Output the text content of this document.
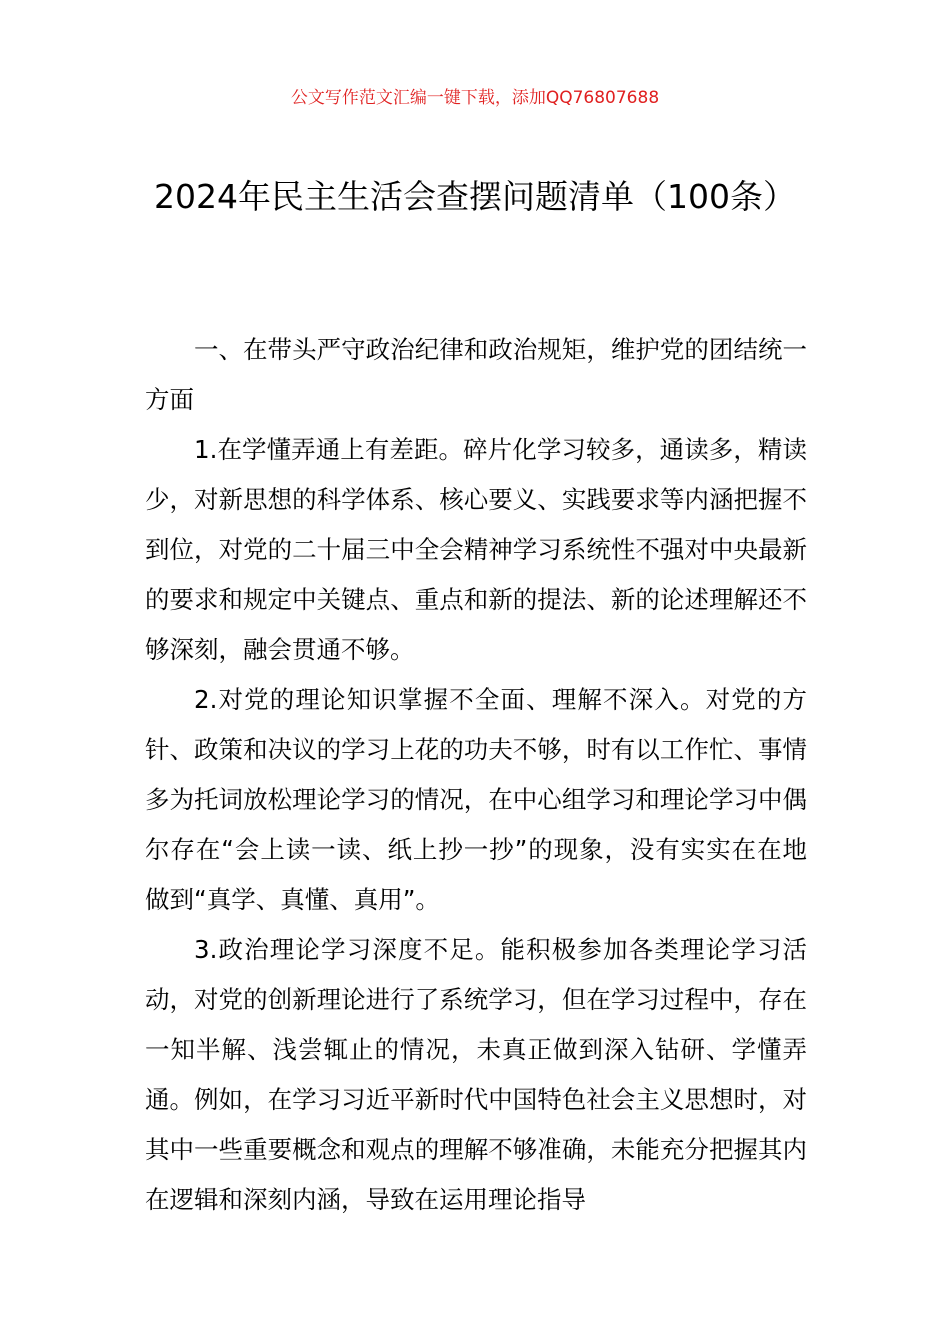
公文写作范文汇编一键下载，添加QQ76807688
2024年民主生活会查摆问题清单（100条）

一、在带头严守政治纪律和政治规矩，维护党的团结统一方面

1.在学懂弄通上有差距。碎片化学习较多，通读多，精读少，对新思想的科学体系、核心要义、实践要求等内涵把握不到位，对党的二十届三中全会精神学习系统性不强对中央最新的要求和规定中关键点、重点和新的提法、新的论述理解还不够深刻，融会贯通不够。

2.对党的理论知识掌握不全面、理解不深入。对党的方针、政策和决议的学习上花的功夫不够，时有以工作忙、事情多为托词放松理论学习的情况，在中心组学习和理论学习中偶尔存在“会上读一读、纸上抄一抄”的现象，没有实实在在地做到“真学、真懂、真用”。

3.政治理论学习深度不足。能积极参加各类理论学习活动，对党的创新理论进行了系统学习，但在学习过程中，存在一知半解、浅尝辄止的情况，未真正做到深入钻研、学懂弄通。例如，在学习习近平新时代中国特色社会主义思想时，对其中一些重要概念和观点的理解不够准确，未能充分把握其内在逻辑和深刻内涵，导致在运用理论指导
